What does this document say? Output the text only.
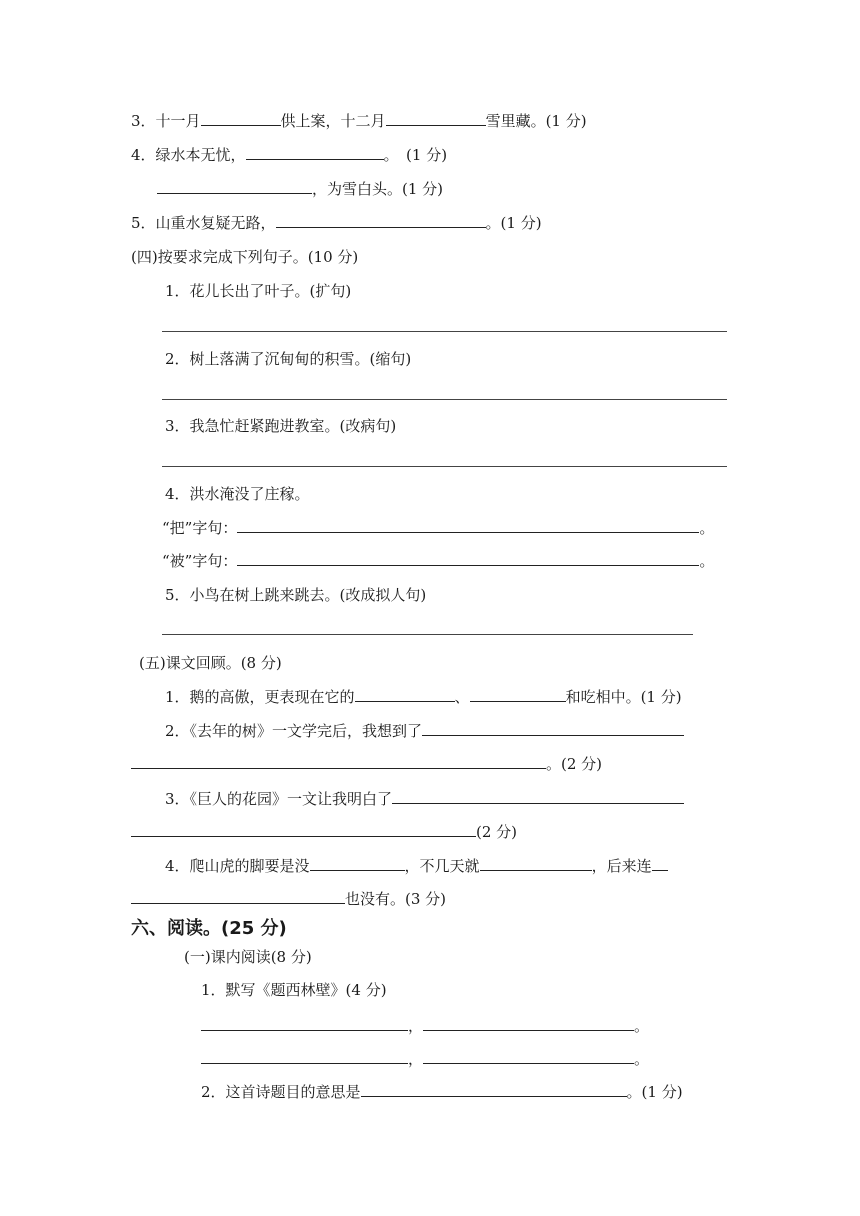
3．十一月	供上案，十二月	雪里藏。(1 分)
4．绿水本无忧，	。　(1 分)
，为雪白头。(1 分)
5．山重水复疑无路，	。(1 分)
(四)按要求完成下列句子。(10 分)
1．花儿长出了叶子。(扩句)
2．树上落满了沉甸甸的积雪。(缩句)
3．我急忙赶紧跑进教室。(改病句)
4．洪水淹没了庄稼。
“把”字句：	。
“被”字句：	。
5．小鸟在树上跳来跳去。(改成拟人句)
(五)课文回顾。(8 分)
1．鹅的高傲，更表现在它的	、	和吃相中。(1 分)
2．《去年的树》一文学完后，我想到了
。(2 分)
3．《巨人的花园》一文让我明白了
(2 分)
4．爬山虎的脚要是没	，不几天就	，后来连
也没有。(3 分)
六、阅读。(25 分)
(一)课内阅读(8 分)
1．默写《题西林壁》(4 分)
，	。
，	。
2．这首诗题目的意思是	。(1 分)
